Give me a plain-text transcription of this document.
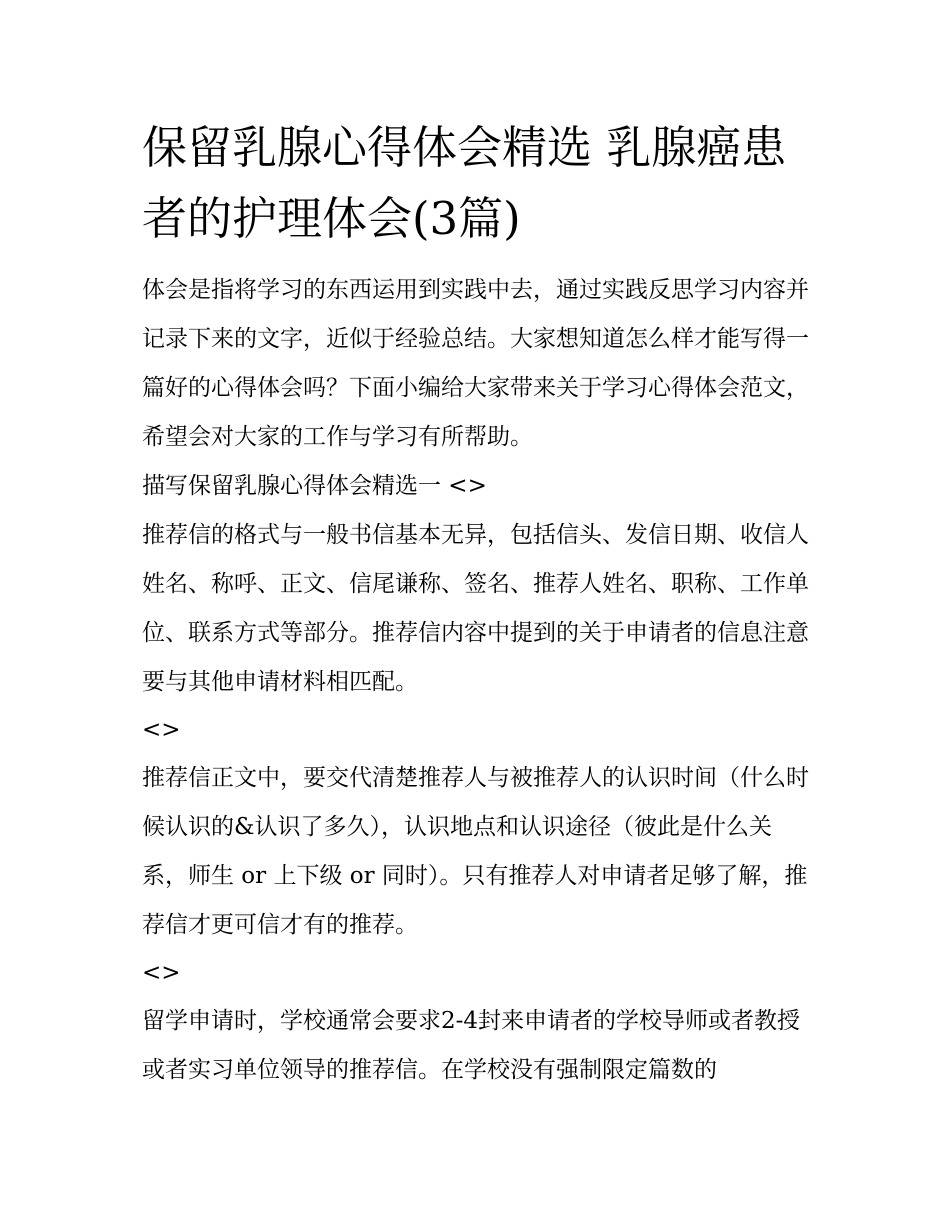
保留乳腺心得体会精选 乳腺癌患者的护理体会(3篇)

体会是指将学习的东西运用到实践中去，通过实践反思学习内容并记录下来的文字，近似于经验总结。大家想知道怎么样才能写得一篇好的心得体会吗？下面小编给大家带来关于学习心得体会范文，希望会对大家的工作与学习有所帮助。

描写保留乳腺心得体会精选一 <>

推荐信的格式与一般书信基本无异，包括信头、发信日期、收信人姓名、称呼、正文、信尾谦称、签名、推荐人姓名、职称、工作单位、联系方式等部分。推荐信内容中提到的关于申请者的信息注意要与其他申请材料相匹配。

<>

推荐信正文中，要交代清楚推荐人与被推荐人的认识时间（什么时候认识的&认识了多久），认识地点和认识途径（彼此是什么关系，师生 or 上下级 or 同时）。只有推荐人对申请者足够了解，推荐信才更可信才有的推荐。

<>

留学申请时，学校通常会要求2-4封来申请者的学校导师或者教授或者实习单位领导的推荐信。在学校没有强制限定篇数的
